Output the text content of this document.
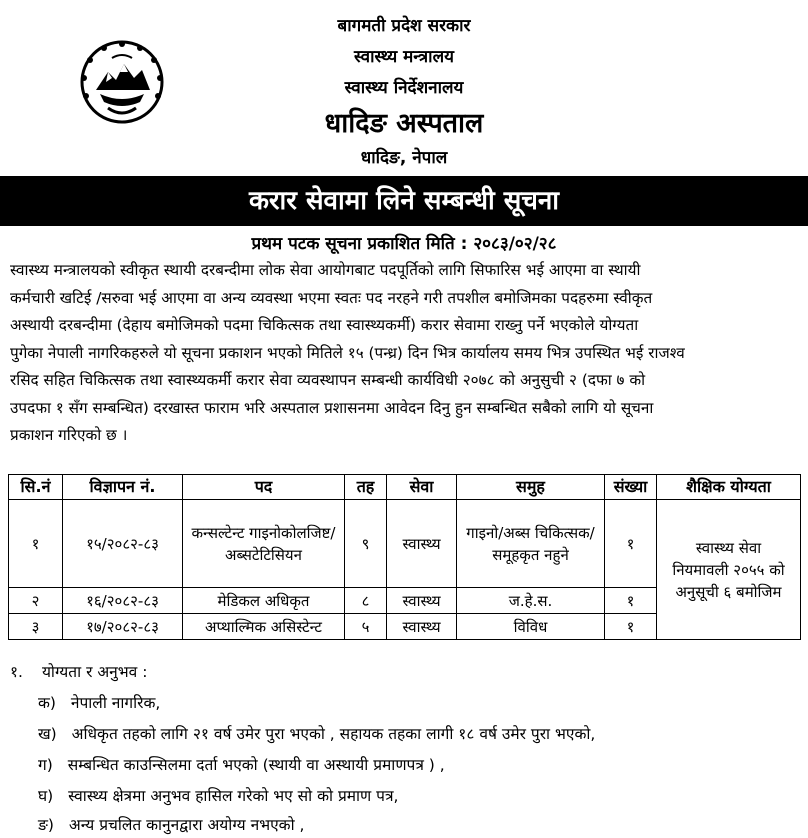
बागमती प्रदेश सरकार
स्वास्थ्य मन्त्रालय
स्वास्थ्य निर्देशनालय
धादिङ अस्पताल
धादिङ, नेपाल
करार सेवामा लिने सम्बन्धी सूचना
प्रथम पटक सूचना प्रकाशित मिति : २०८३/०२/२८

स्वास्थ्य मन्त्रालयको स्वीकृत स्थायी दरबन्दीमा लोक सेवा आयोगबाट पदपूर्तिको लागि सिफारिस भई आएमा वा स्थायी

कर्मचारी खटिई /सरुवा भई आएमा वा अन्य व्यवस्था भएमा स्वतः पद नरहने गरी तपशील बमोजिमका पदहरुमा स्वीकृत

अस्थायी दरबन्दीमा (देहाय बमोजिमको पदमा चिकित्सक तथा स्वास्थ्यकर्मी) करार सेवामा राख्नु पर्ने भएकोले योग्यता

पुगेका नेपाली नागरिकहरुले यो सूचना प्रकाशन भएको मितिले १५ (पन्ध्र) दिन भित्र कार्यालय समय भित्र उपस्थित भई राजश्व

रसिद सहित चिकित्सक तथा स्वास्थ्यकर्मी करार सेवा व्यवस्थापन सम्बन्धी कार्यविधी २०७८ को अनुसुची २ (दफा ७ को

उपदफा १ सँग सम्बन्धित) दरखास्त फाराम भरि अस्पताल प्रशासनमा आवेदन दिनु हुन सम्बन्धित सबैको लागि यो सूचना

प्रकाशन गरिएको छ ।

सि.नं	विज्ञापन नं.	पद	तह	सेवा	समुह	संख्या	शैक्षिक योग्यता
१	१५/२०८२-८३	कन्सल्टेन्ट गाइनोकोलजिष्ट/ अब्सटेटिसियन	९	स्वास्थ्य	गाइनो/अब्स चिकित्सक/समूहकृत नहुने	१	स्वास्थ्य सेवा नियमावली २०५५ को अनुसूची ६ बमोजिम
२	१६/२०८२-८३	मेडिकल अधिकृत	८	स्वास्थ्य	ज.हे.स.	१	
३	१७/२०८२-८३	अप्थाल्मिक असिस्टेन्ट	५	स्वास्थ्य	विविध	१	
१. योग्यता र अनुभव :
क) नेपाली नागरिक,
ख) अधिकृत तहको लागि २१ वर्ष उमेर पुरा भएको , सहायक तहका लागी १८ वर्ष उमेर पुरा भएको,
ग) सम्बन्धित काउन्सिलमा दर्ता भएको (स्थायी वा अस्थायी प्रमाणपत्र ) ,
घ) स्वास्थ्य क्षेत्रमा अनुभव हासिल गरेको भए सो को प्रमाण पत्र,
ङ) अन्य प्रचलित कानुनद्वारा अयोग्य नभएको ,
